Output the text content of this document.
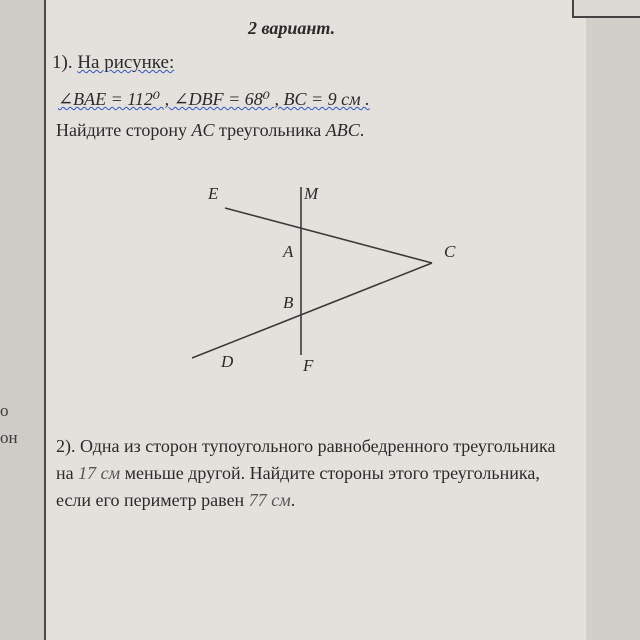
о
он
2 вариант.
1). На рисунке:
∠BAE = 112⁰ , ∠DBF = 68⁰ , BC = 9 см .
Найдите сторону AC треугольника ABC.
E	M
A	C
B
D	F
2). Одна из сторон тупоугольного равнобедренного треугольника на 17 см меньше другой. Найдите стороны этого треугольника, если его периметр равен 77 см.
